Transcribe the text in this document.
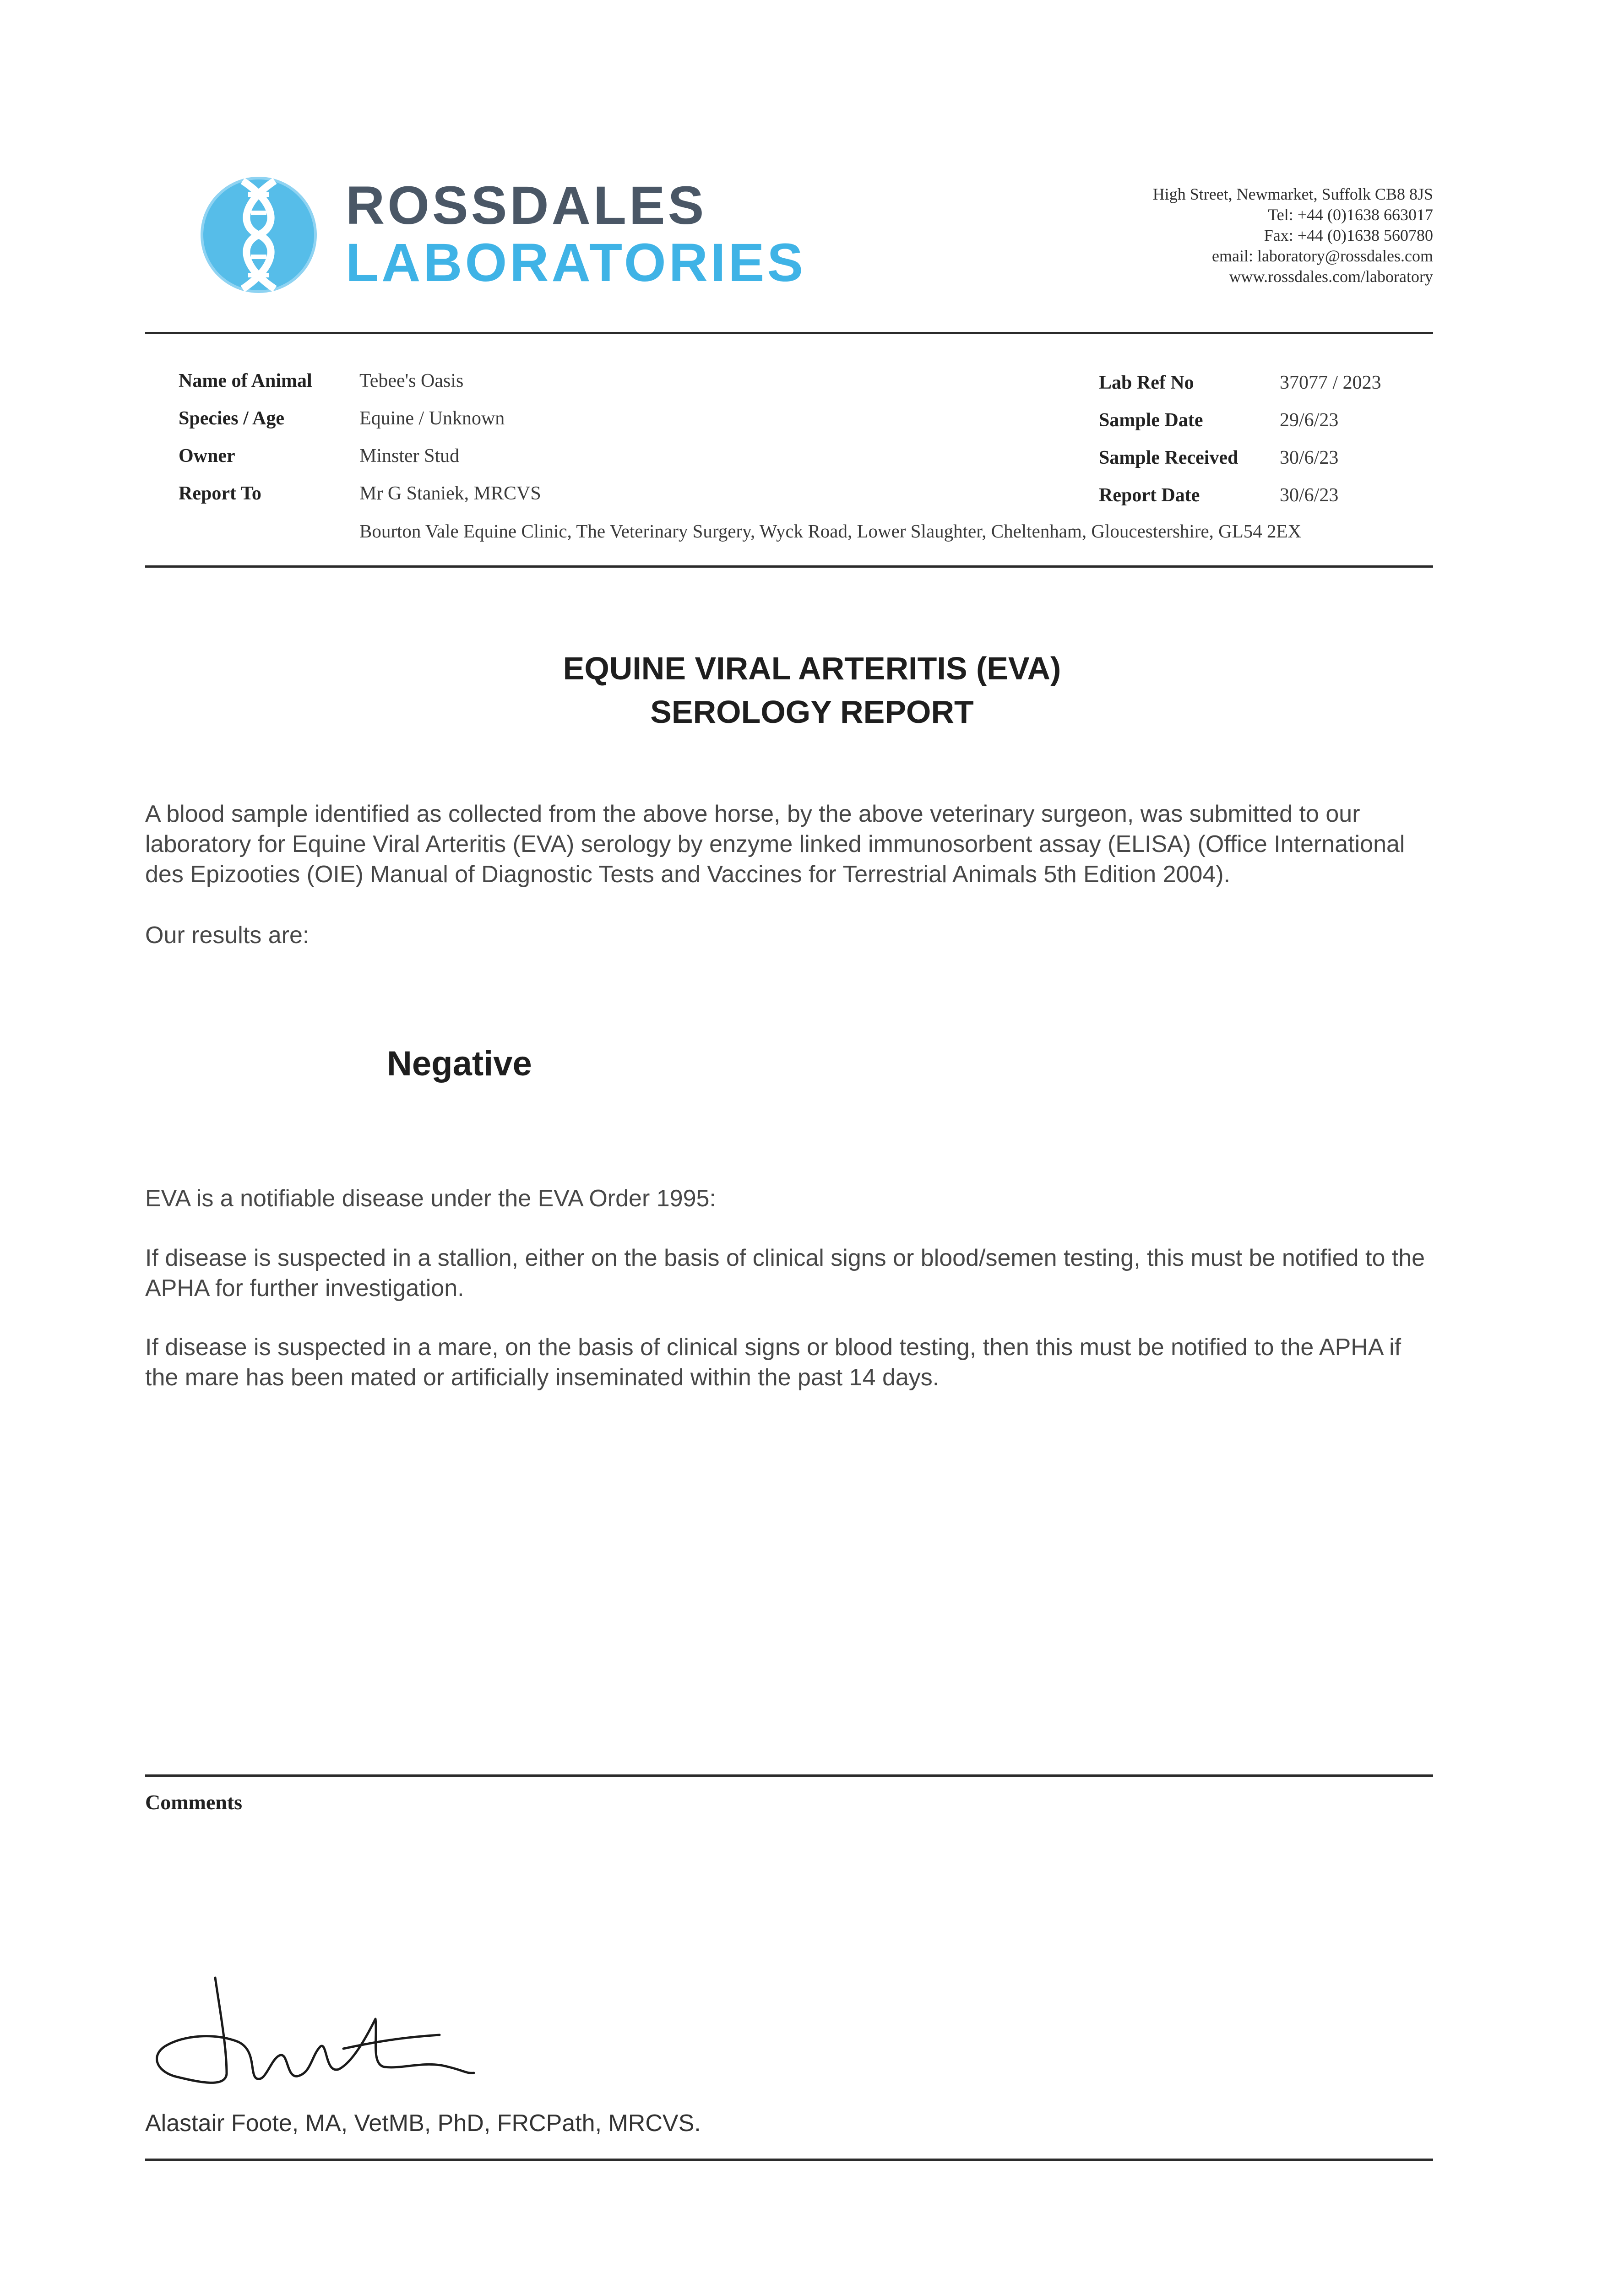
ROSSDALES
LABORATORIES
High Street, Newmarket, Suffolk CB8 8JS
Tel: +44 (0)1638 663017
Fax: +44 (0)1638 560780
email: laboratory@rossdales.com
www.rossdales.com/laboratory
Name of Animal Tebee's Oasis
Species / Age	Equine / Unknown
Owner	Minster Stud
Report To	Mr G Staniek, MRCVS
Bourton Vale Equine Clinic, The Veterinary Surgery, Wyck Road, Lower Slaughter, Cheltenham, Gloucestershire, GL54 2EX
Lab Ref No	37077 / 2023
Sample Date	29/6/23
Sample Received 30/6/23
Report Date	30/6/23
EQUINE VIRAL ARTERITIS (EVA)
SEROLOGY REPORT
A blood sample identified as collected from the above horse, by the above veterinary surgeon, was submitted to our laboratory for Equine Viral Arteritis (EVA) serology by enzyme linked immunosorbent assay (ELISA) (Office International des Epizooties (OIE) Manual of Diagnostic Tests and Vaccines for Terrestrial Animals 5th Edition 2004).
Our results are:
Negative
EVA is a notifiable disease under the EVA Order 1995:
If disease is suspected in a stallion, either on the basis of clinical signs or blood/semen testing, this must be notified to the APHA for further investigation.
If disease is suspected in a mare, on the basis of clinical signs or blood testing, then this must be notified to the APHA if the mare has been mated or artificially inseminated within the past 14 days.
Comments
Alastair Foote, MA, VetMB, PhD, FRCPath, MRCVS.
